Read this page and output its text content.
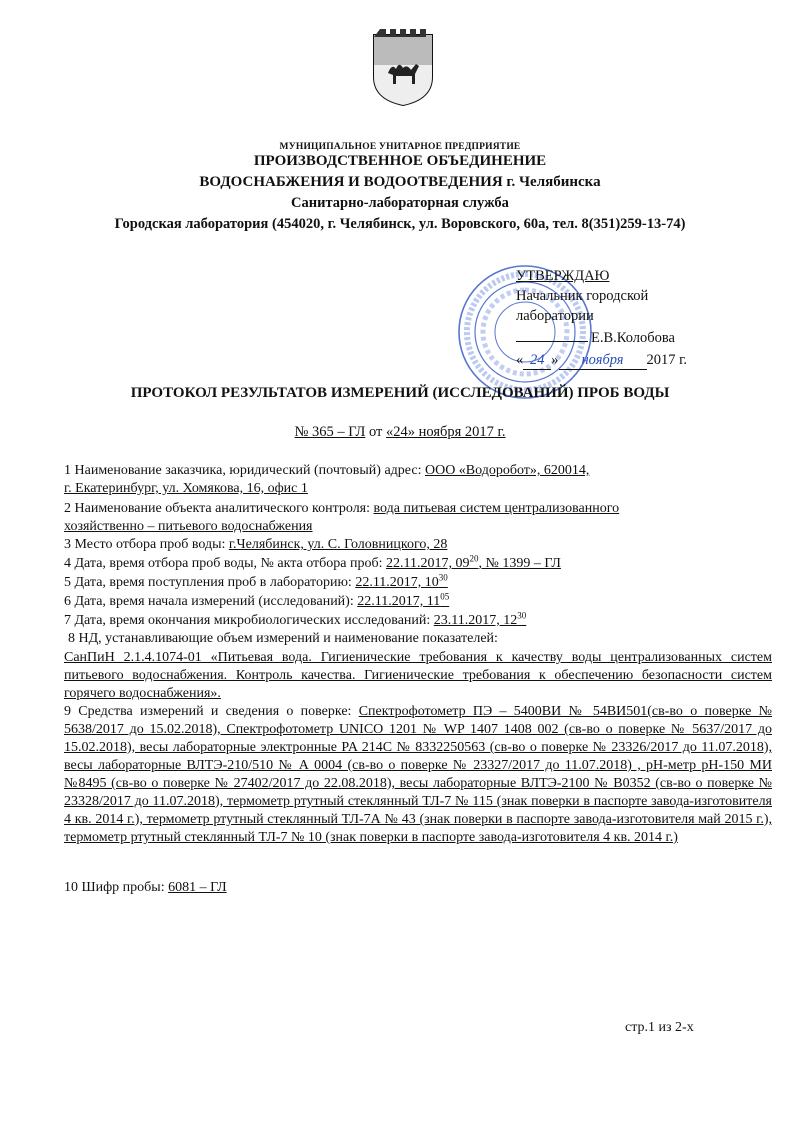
МУНИЦИПАЛЬНОЕ УНИТАРНОЕ ПРЕДПРИЯТИЕ
ПРОИЗВОДСТВЕННОЕ ОБЪЕДИНЕНИЕ
ВОДОСНАБЖЕНИЯ И ВОДООТВЕДЕНИЯ г. Челябинска
Санитарно-лабораторная служба
Городская лаборатория (454020, г. Челябинск, ул. Воровского, 60а, тел. 8(351)259-13-74)
УТВЕРЖДАЮ
Начальник городской
лаборатории
Е.В.Колобова
« 24 » ноября 2017 г.
ПРОТОКОЛ РЕЗУЛЬТАТОВ ИЗМЕРЕНИЙ (ИССЛЕДОВАНИЙ) ПРОБ ВОДЫ
№ 365 – ГЛ от «24» ноября 2017 г.
1 Наименование заказчика, юридический (почтовый) адрес: ООО «Водоробот», 620014,
г. Екатеринбург, ул. Хомякова, 16, офис 1
2 Наименование объекта аналитического контроля: вода питьевая систем централизованного
хозяйственно – питьевого водоснабжения
3 Место отбора проб воды: г.Челябинск, ул. С. Головницкого, 28
4 Дата, время отбора проб воды, № акта отбора проб: 22.11.2017, $09^{20}$, № 1399 – ГЛ
5 Дата, время поступления проб в лабораторию: 22.11.2017, $10^{30}$
6 Дата, время начала измерений (исследований): 22.11.2017, $11^{05}$
7 Дата, время окончания микробиологических исследований: 23.11.2017, $12^{30}$
8 НД, устанавливающие объем измерений и наименование показателей:
СанПиН 2.1.4.1074-01 «Питьевая вода. Гигиенические требования к качеству воды централизованных систем питьевого водоснабжения. Контроль качества. Гигиенические требования к обеспечению безопасности систем горячего водоснабжения».
9 Средства измерений и сведения о поверке: Спектрофотометр ПЭ – 5400ВИ № 54ВИ501(св-во о поверке № 5638/2017 до 15.02.2018), Спектрофотометр UNICO 1201 № WP 1407 1408 002 (св-во о поверке № 5637/2017 до 15.02.2018), весы лабораторные электронные PA 214C № 8332250563 (св-во о поверке № 23326/2017 до 11.07.2018), весы лабораторные ВЛТЭ-210/510 № А 0004 (св-во о поверке № 23327/2017 до 11.07.2018) , pH-метр pH-150 МИ №8495 (св-во о поверке № 27402/2017 до 22.08.2018), весы лабораторные ВЛТЭ-2100 № В0352 (св-во о поверке № 23328/2017 до 11.07.2018), термометр ртутный стеклянный ТЛ-7 № 115 (знак поверки в паспорте завода-изготовителя 4 кв. 2014 г.), термометр ртутный стеклянный ТЛ-7А № 43 (знак поверки в паспорте завода-изготовителя май 2015 г.), термометр ртутный стеклянный ТЛ-7 № 10 (знак поверки в паспорте завода-изготовителя 4 кв. 2014 г.)
10 Шифр пробы: 6081 – ГЛ
стр.1 из 2-х
